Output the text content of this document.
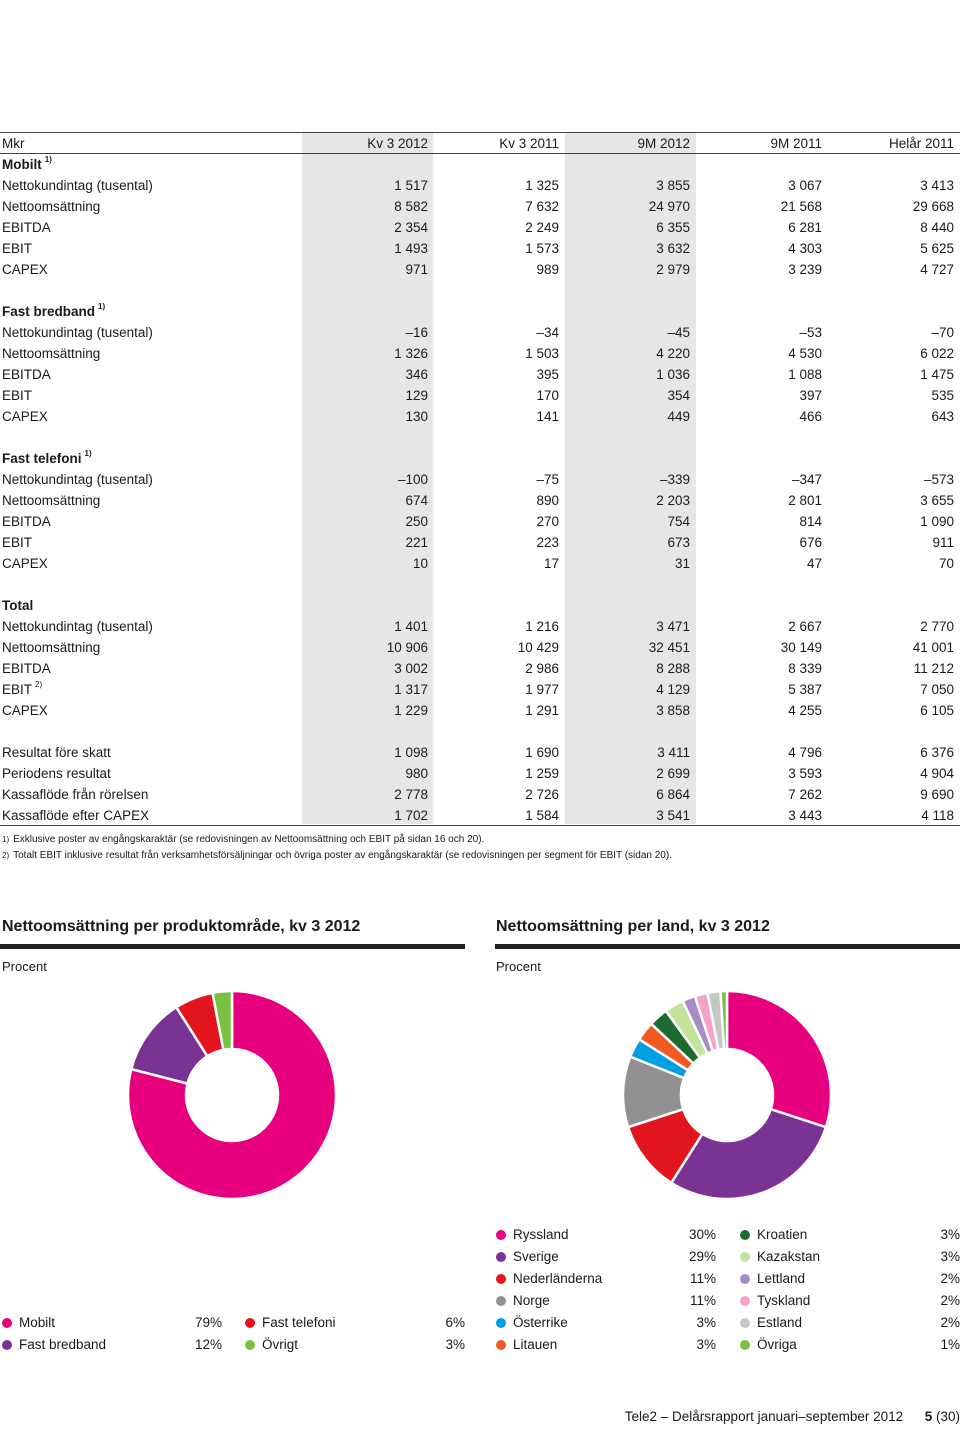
Mkr	Kv 3 2012	Kv 3 2011	9M 2012	9M 2011	Helår 2011
Mobilt $^{1)}$
Nettokundintag (tusental)	1 517	1 325	3 855	3 067	3 413
Nettoomsättning	8 582	7 632	24 970	21 568	29 668
EBITDA	2 354	2 249	6 355	6 281	8 440
EBIT	1 493	1 573	3 632	4 303	5 625
CAPEX	971	989	2 979	3 239	4 727
Fast bredband $^{1)}$
Nettokundintag (tusental)	–16	–34	–45	–53	–70
Nettoomsättning	1 326	1 503	4 220	4 530	6 022
EBITDA	346	395	1 036	1 088	1 475
EBIT	129	170	354	397	535
CAPEX	130	141	449	466	643
Fast telefoni $^{1)}$
Nettokundintag (tusental)	–100	–75	–339	–347	–573
Nettoomsättning	674	890	2 203	2 801	3 655
EBITDA	250	270	754	814	1 090
EBIT	221	223	673	676	911
CAPEX	10	17	31	47	70
Total
Nettokundintag (tusental)	1 401	1 216	3 471	2 667	2 770
Nettoomsättning	10 906	10 429	32 451	30 149	41 001
EBITDA	3 002	2 986	8 288	8 339	11 212
EBIT $^{2)}$	1 317	1 977	4 129	5 387	7 050
CAPEX	1 229	1 291	3 858	4 255	6 105
Resultat före skatt	1 098	1 690	3 411	4 796	6 376
Periodens resultat	980	1 259	2 699	3 593	4 904
Kassaflöde från rörelsen	2 778	2 726	6 864	7 262	9 690
Kassaflöde efter CAPEX	1 702	1 584	3 541	3 443	4 118
$^{1)}$ Exklusive poster av engångskaraktär (se redovisningen av Nettoomsättning och EBIT på sidan 16 och 20).
$^{2)}$ Totalt EBIT inklusive resultat från verksamhetsförsäljningar och övriga poster av engångskaraktär (se redovisningen per segment för EBIT (sidan 20).
Nettoomsättning per produktområde, kv 3 2012
Procent
Nettoomsättning per land, kv 3 2012
Procent
Mobilt	79%
Fast bredband	12%
Fast telefoni	6%
Övrigt	3%
Ryssland	30%
Sverige	29%
Nederländerna	11%
Norge	11%
Österrike	3%
Litauen	3%
Kroatien	3%
Kazakstan	3%
Lettland	2%
Tyskland	2%
Estland	2%
Övriga	1%
Tele2 – Delårsrapport januari–september 2012 5 (30)
